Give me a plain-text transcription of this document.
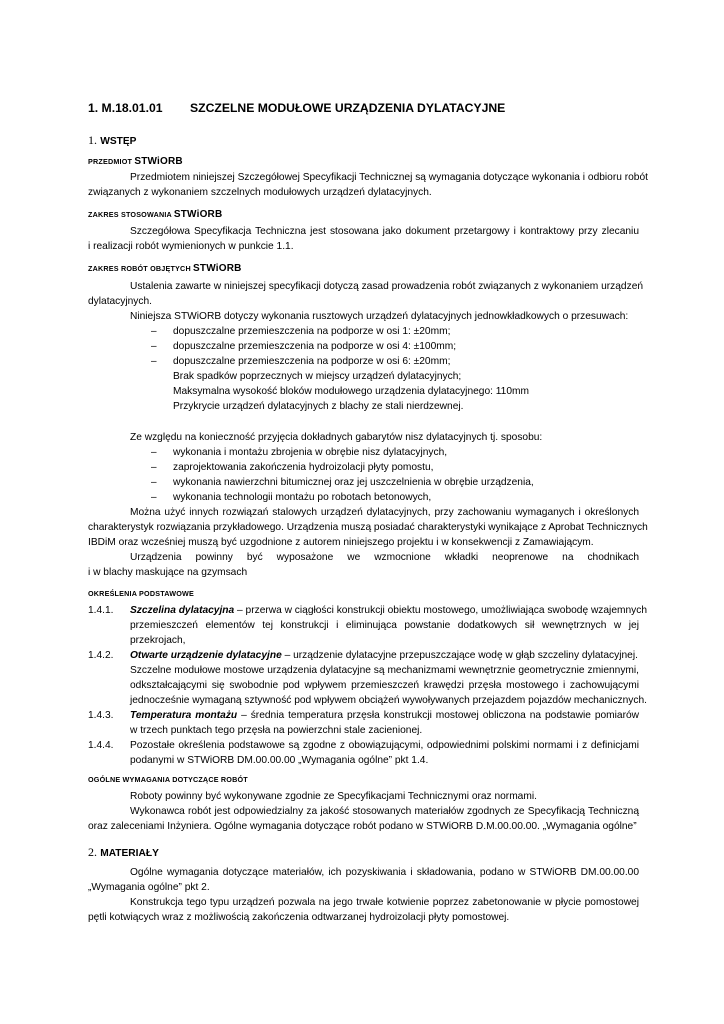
1. M.18.01.01 SZCZELNE MODUŁOWE URZĄDZENIA DYLATACYJNE
1. WSTĘP
PRZEDMIOT STWiORB
Przedmiotem niniejszej Szczegółowej Specyfikacji Technicznej są wymagania dotyczące wykonania i odbioru robót
związanych z wykonaniem szczelnych modułowych urządzeń dylatacyjnych.
ZAKRES STOSOWANIA STWiORB
Szczegółowa Specyfikacja Techniczna jest stosowana jako dokument przetargowy i kontraktowy przy zlecaniu
i realizacji robót wymienionych w punkcie 1.1.
ZAKRES ROBÓT OBJĘTYCH STWiORB
Ustalenia zawarte w niniejszej specyfikacji dotyczą zasad prowadzenia robót związanych z wykonaniem urządzeń
dylatacyjnych.
Niniejsza STWiORB dotyczy wykonania rusztowych urządzeń dylatacyjnych jednowkładkowych o przesuwach:
– dopuszczalne przemieszczenia na podporze w osi 1: ±20mm;
– dopuszczalne przemieszczenia na podporze w osi 4: ±100mm;
– dopuszczalne przemieszczenia na podporze w osi 6: ±20mm;
Brak spadków poprzecznych w miejscy urządzeń dylatacyjnych;
Maksymalna wysokość bloków modułowego urządzenia dylatacyjnego: 110mm
Przykrycie urządzeń dylatacyjnych z blachy ze stali nierdzewnej.
Ze względu na konieczność przyjęcia dokładnych gabarytów nisz dylatacyjnych tj. sposobu:
– wykonania i montażu zbrojenia w obrębie nisz dylatacyjnych,
– zaprojektowania zakończenia hydroizolacji płyty pomostu,
– wykonania nawierzchni bitumicznej oraz jej uszczelnienia w obrębie urządzenia,
– wykonania technologii montażu po robotach betonowych,
Można użyć innych rozwiązań stalowych urządzeń dylatacyjnych, przy zachowaniu wymaganych i określonych
charakterystyk rozwiązania przykładowego. Urządzenia muszą posiadać charakterystyki wynikające z Aprobat Technicznych
IBDiM oraz wcześniej muszą być uzgodnione z autorem niniejszego projektu i w konsekwencji z Zamawiającym.
Urządzenia powinny być wyposażone we wzmocnione wkładki neoprenowe na chodnikach
i w blachy maskujące na gzymsach
OKREŚLENIA PODSTAWOWE
1.4.1. Szczelina dylatacyjna – przerwa w ciągłości konstrukcji obiektu mostowego, umożliwiająca swobodę wzajemnych
przemieszczeń elementów tej konstrukcji i eliminująca powstanie dodatkowych sił wewnętrznych w jej
przekrojach,
1.4.2. Otwarte urządzenie dylatacyjne – urządzenie dylatacyjne przepuszczające wodę w głąb szczeliny dylatacyjnej.
Szczelne modułowe mostowe urządzenia dylatacyjne są mechanizmami wewnętrznie geometrycznie zmiennymi,
odkształcającymi się swobodnie pod wpływem przemieszczeń krawędzi przęsła mostowego i zachowującymi
jednocześnie wymaganą sztywność pod wpływem obciążeń wywoływanych przejazdem pojazdów mechanicznych.
1.4.3. Temperatura montażu – średnia temperatura przęsła konstrukcji mostowej obliczona na podstawie pomiarów
w trzech punktach tego przęsła na powierzchni stale zacienionej.
1.4.4. Pozostałe określenia podstawowe są zgodne z obowiązującymi, odpowiednimi polskimi normami i z definicjami
podanymi w STWiORB DM.00.00.00 „Wymagania ogólne” pkt 1.4.
OGÓLNE WYMAGANIA DOTYCZĄCE ROBÓT
Roboty powinny być wykonywane zgodnie ze Specyfikacjami Technicznymi oraz normami.
Wykonawca robót jest odpowiedzialny za jakość stosowanych materiałów zgodnych ze Specyfikacją Techniczną
oraz zaleceniami Inżyniera. Ogólne wymagania dotyczące robót podano w STWiORB D.M.00.00.00. „Wymagania ogólne”
2. MATERIAŁY
Ogólne wymagania dotyczące materiałów, ich pozyskiwania i składowania, podano w STWiORB DM.00.00.00
„Wymagania ogólne” pkt 2.
Konstrukcja tego typu urządzeń pozwala na jego trwałe kotwienie poprzez zabetonowanie w płycie pomostowej
pętli kotwiących wraz z możliwością zakończenia odtwarzanej hydroizolacji płyty pomostowej.
